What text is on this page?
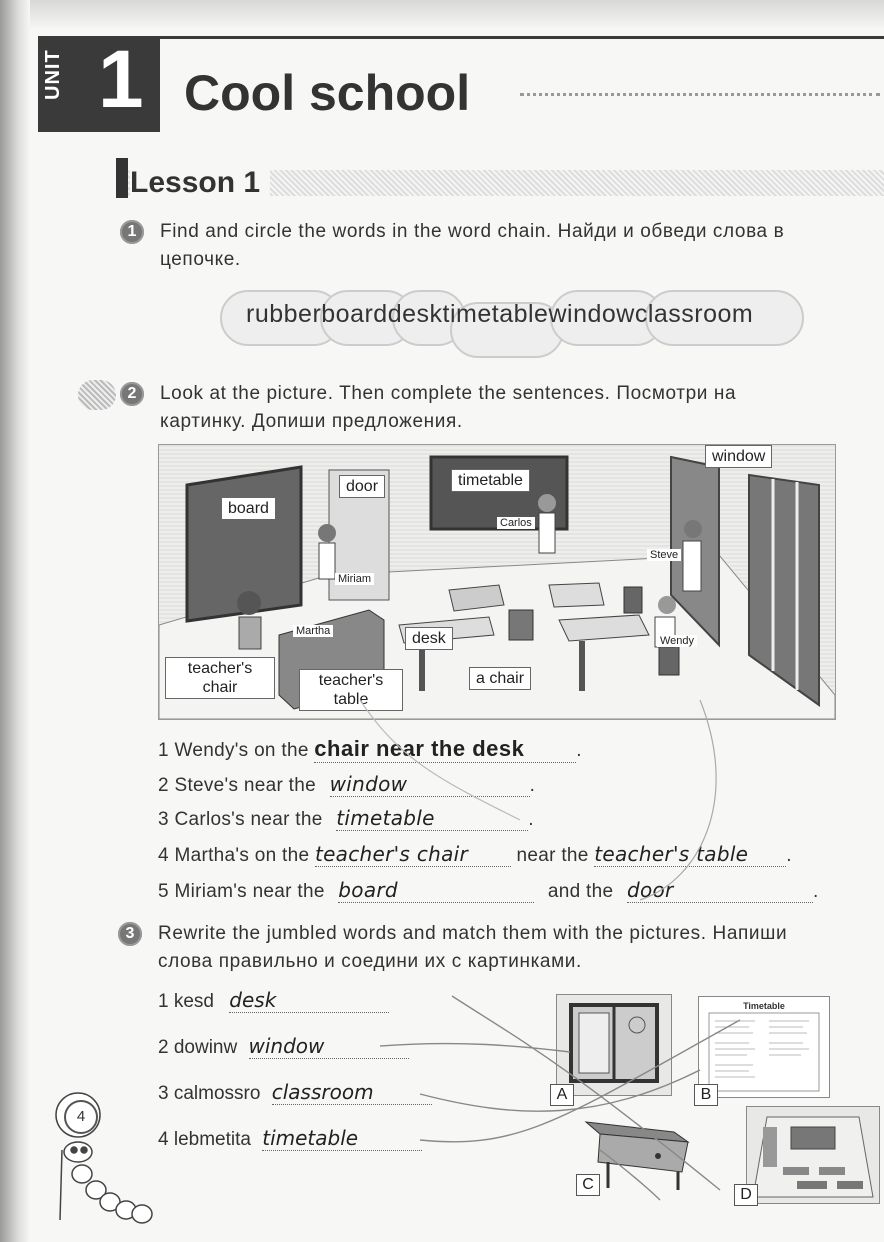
UNIT 1 Cool school
Lesson 1
1	Find and circle the words in the word chain. Найди и обведи слова в цепочке.
rubberboarddesktimetablewindowclassroom
2	Look at the picture. Then complete the sentences. Посмотри на картинку. Допиши предложения.
window
door	timetable
board
desk
a chair
teacher's chair	teacher's table
Carlos
Steve
Miriam
Martha
Wendy
1 Wendy's on the chair near the desk	.
2 Steve's near the window	.
3 Carlos's near the timetable	.
4 Martha's on the teacher's chair	near the teacher's table .
5 Miriam's near the board	and the door	.
3	Rewrite the jumbled words and match them with the pictures. Напиши слова правильно и соедини их с картинками.
1 kesd desk
2 dowinw window
3 calmossro classroom
4 lebmetita timetable
A
Timetable
B
C
D
4
